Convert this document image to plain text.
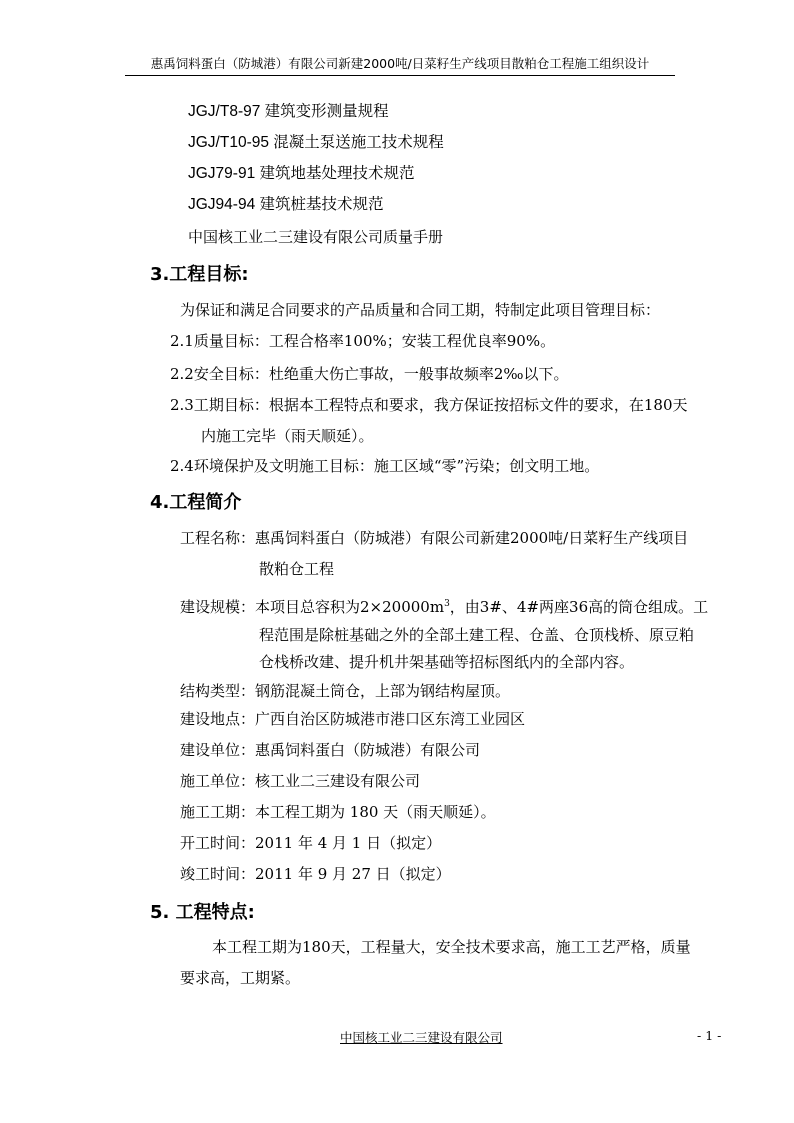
惠禹饲料蛋白（防城港）有限公司新建2000吨/日菜籽生产线项目散粕仓工程施工组织设计
JGJ/T8-97 建筑变形测量规程
JGJ/T10-95 混凝土泵送施工技术规程
JGJ79-91 建筑地基处理技术规范
JGJ94-94 建筑桩基技术规范
中国核工业二三建设有限公司质量手册
3.工程目标:
为保证和满足合同要求的产品质量和合同工期，特制定此项目管理目标：
2.1质量目标：工程合格率100%；安装工程优良率90%。
2.2安全目标：杜绝重大伤亡事故，一般事故频率2‰以下。
2.3工期目标：根据本工程特点和要求，我方保证按招标文件的要求，在180天
内施工完毕（雨天顺延）。
2.4环境保护及文明施工目标：施工区域“零”污染；创文明工地。
4.工程简介
工程名称：惠禹饲料蛋白（防城港）有限公司新建2000吨/日菜籽生产线项目
散粕仓工程
建设规模：本项目总容积为$2\times 20000m^3$，由3#、4#两座36高的筒仓组成。工
程范围是除桩基础之外的全部土建工程、仓盖、仓顶栈桥、原豆粕
仓栈桥改建、提升机井架基础等招标图纸内的全部内容。
结构类型：钢筋混凝土筒仓，上部为钢结构屋顶。
建设地点：广西自治区防城港市港口区东湾工业园区
建设单位：惠禹饲料蛋白（防城港）有限公司
施工单位：核工业二三建设有限公司
施工工期：本工程工期为 180 天（雨天顺延）。
开工时间：2011 年 4 月 1 日（拟定）
竣工时间：2011 年 9 月 27 日（拟定）
5. 工程特点:
本工程工期为180天，工程量大，安全技术要求高，施工工艺严格，质量
要求高，工期紧。
中国核工业二三建设有限公司	- 1 -
